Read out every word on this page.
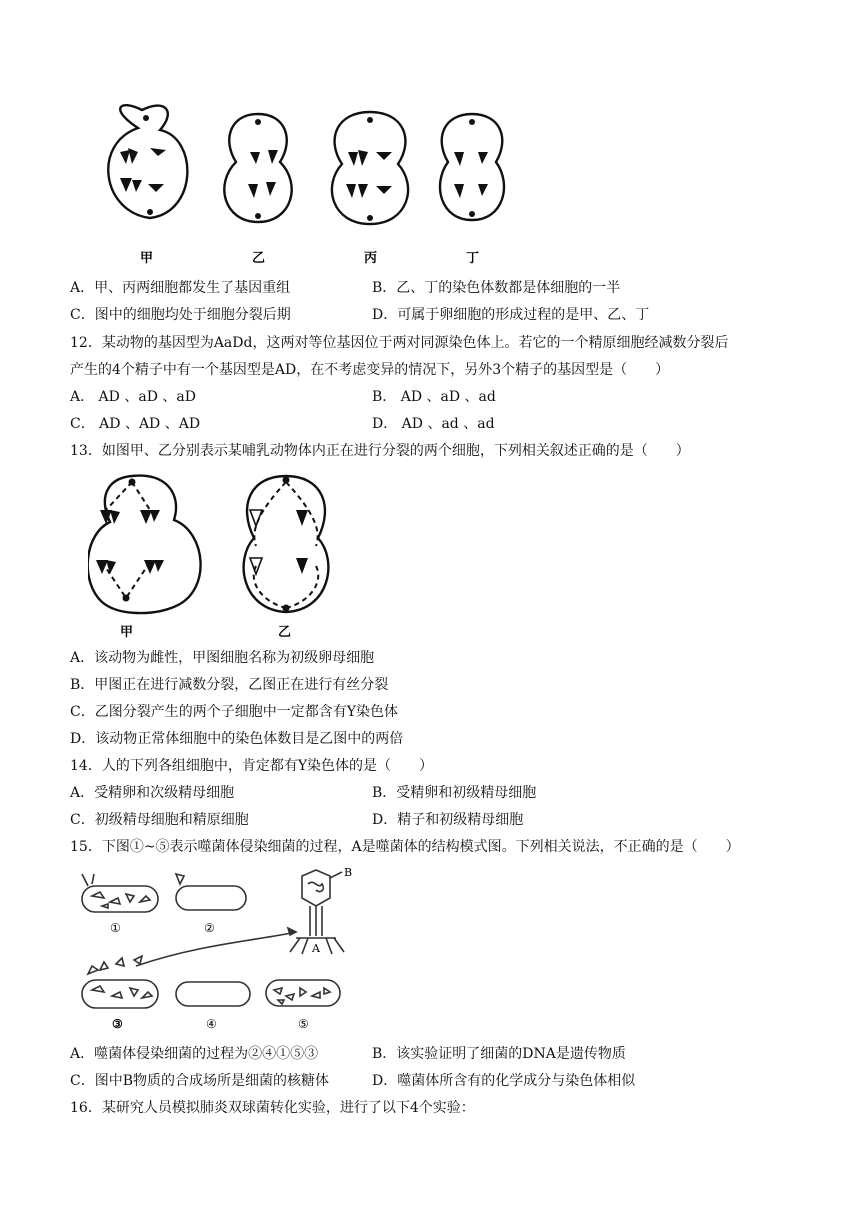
甲	乙	丙	丁
A．甲、丙两细胞都发生了基因重组	B．乙、丁的染色体数都是体细胞的一半
C．图中的细胞均处于细胞分裂后期	D．可属于卵细胞的形成过程的是甲、乙、丁
12．某动物的基因型为AaDd，这两对等位基因位于两对同源染色体上。若它的一个精原细胞经减数分裂后
产生的4个精子中有一个基因型是AD，在不考虑变异的情况下，另外3个精子的基因型是（　　）
A． AD 、aD 、aD	B． AD 、aD 、ad
C． AD 、AD 、AD	D． AD 、ad 、ad
13．如图甲、乙分别表示某哺乳动物体内正在进行分裂的两个细胞，下列相关叙述正确的是（　　）
甲	乙
A．该动物为雌性，甲图细胞名称为初级卵母细胞
B．甲图正在进行减数分裂，乙图正在进行有丝分裂
C．乙图分裂产生的两个子细胞中一定都含有Y染色体
D．该动物正常体细胞中的染色体数目是乙图中的两倍
14．人的下列各组细胞中，肯定都有Y染色体的是（　　）
A．受精卵和次级精母细胞	B．受精卵和初级精母细胞
C．初级精母细胞和精原细胞	D．精子和初级精母细胞
15．下图①~⑤表示噬菌体侵染细菌的过程，A是噬菌体的结构模式图。下列相关说法，不正确的是（　　）
①	②
③	④	⑤
A
B
A．噬菌体侵染细菌的过程为②④①⑤③	B．该实验证明了细菌的DNA是遗传物质
C．图中B物质的合成场所是细菌的核糖体	D．噬菌体所含有的化学成分与染色体相似
16．某研究人员模拟肺炎双球菌转化实验，进行了以下4个实验：
